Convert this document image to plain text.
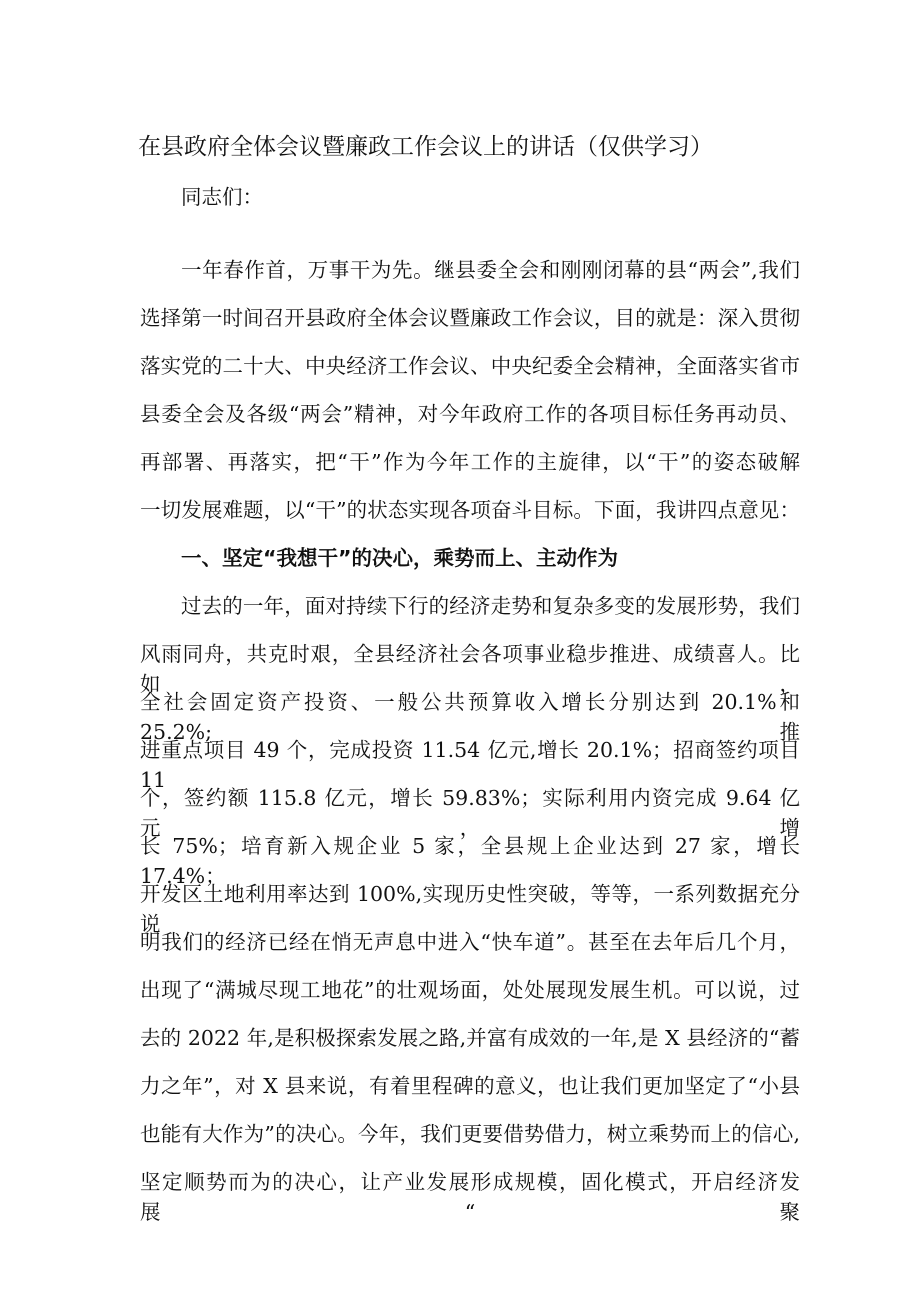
在县政府全体会议暨廉政工作会议上的讲话（仅供学习）
同志们：
一年春作首，万事干为先。继县委全会和刚刚闭幕的县“两会”,我们
选择第一时间召开县政府全体会议暨廉政工作会议，目的就是：深入贯彻
落实党的二十大、中央经济工作会议、中央纪委全会精神，全面落实省市
县委全会及各级“两会”精神，对今年政府工作的各项目标任务再动员、
再部署、再落实，把“干”作为今年工作的主旋律，以“干”的姿态破解
一切发展难题，以“干”的状态实现各项奋斗目标。下面，我讲四点意见：
一、坚定“我想干”的决心，乘势而上、主动作为
过去的一年，面对持续下行的经济走势和复杂多变的发展形势，我们
风雨同舟，共克时艰，全县经济社会各项事业稳步推进、成绩喜人。比如，
全社会固定资产投资、一般公共预算收入增长分别达到 20.1%和 25.2%;推
进重点项目 49 个，完成投资 11.54 亿元,增长 20.1%；招商签约项目 11
个，签约额 115.8 亿元，增长 59.83%；实际利用内资完成 9.64 亿元，增
长 75%；培育新入规企业 5 家，全县规上企业达到 27 家，增长 17.4%；
开发区土地利用率达到 100%,实现历史性突破，等等，一系列数据充分说
明我们的经济已经在悄无声息中进入“快车道”。甚至在去年后几个月，
出现了“满城尽现工地花”的壮观场面，处处展现发展生机。可以说，过
去的 2022 年,是积极探索发展之路,并富有成效的一年,是 X 县经济的“蓄
力之年”，对 X 县来说，有着里程碑的意义，也让我们更加坚定了“小县
也能有大作为”的决心。今年，我们更要借势借力，树立乘势而上的信心,
坚定顺势而为的决心，让产业发展形成规模，固化模式，开启经济发展“聚
